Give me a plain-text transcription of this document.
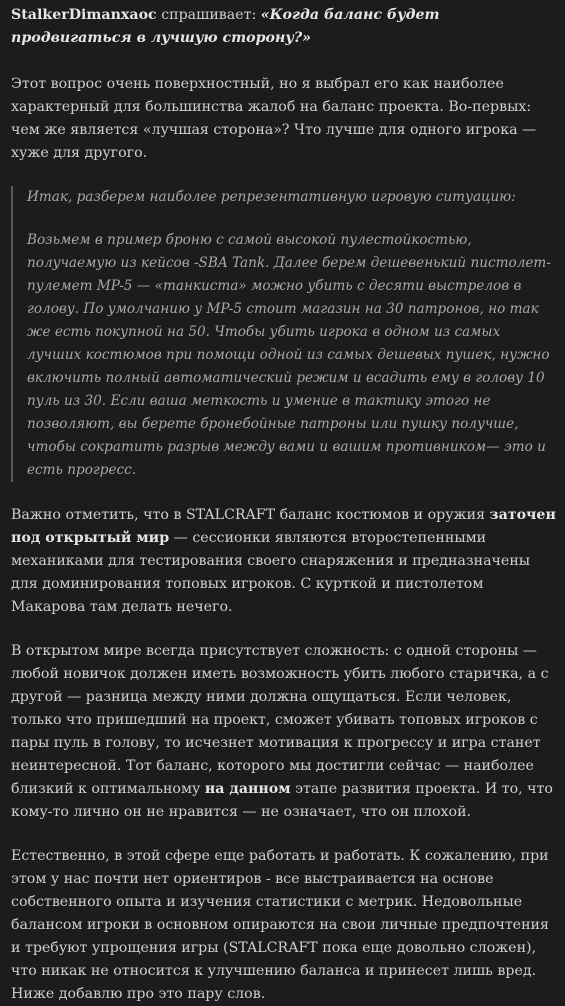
StalkerDimanxaoc спрашивает: «Когда баланс будет продвигаться в лучшую сторону?»

Этот вопрос очень поверхностный, но я выбрал его как наиболее характерный для большинства жалоб на баланс проекта. Во-первых: чем же является «лучшая сторона»? Что лучше для одного игрока — хуже для другого.

Итак, разберем наиболее репрезентативную игровую ситуацию:

Возьмем в пример броню с самой высокой пулестойкостью, получаемую из кейсов -SBA Tank. Далее берем дешевенький пистолет-пулемет MP-5 — «танкиста» можно убить с десяти выстрелов в голову. По умолчанию у MP-5 стоит магазин на 30 патронов, но так же есть покупной на 50. Чтобы убить игрока в одном из самых лучших костюмов при помощи одной из самых дешевых пушек, нужно включить полный автоматический режим и всадить ему в голову 10 пуль из 30. Если ваша меткость и умение в тактику этого не позволяют, вы берете бронебойные патроны или пушку получше, чтобы сократить разрыв между вами и вашим противником— это и есть прогресс.

Важно отметить, что в STALCRAFT баланс костюмов и оружия заточен под открытый мир — сессионки являются второстепенными механиками для тестирования своего снаряжения и предназначены для доминирования топовых игроков. С курткой и пистолетом Макарова там делать нечего.

В открытом мире всегда присутствует сложность: с одной стороны — любой новичок должен иметь возможность убить любого старичка, а с другой — разница между ними должна ощущаться. Если человек, только что пришедший на проект, сможет убивать топовых игроков с пары пуль в голову, то исчезнет мотивация к прогрессу и игра станет неинтересной. Тот баланс, которого мы достигли сейчас — наиболее близкий к оптимальному на данном этапе развития проекта. И то, что кому-то лично он не нравится — не означает, что он плохой.

Естественно, в этой сфере еще работать и работать. К сожалению, при этом у нас почти нет ориентиров - все выстраивается на основе собственного опыта и изучения статистики с метрик. Недовольные балансом игроки в основном опираются на свои личные предпочтения и требуют упрощения игры (STALCRAFT пока еще довольно сложен), что никак не относится к улучшению баланса и принесет лишь вред. Ниже добавлю про это пару слов.
